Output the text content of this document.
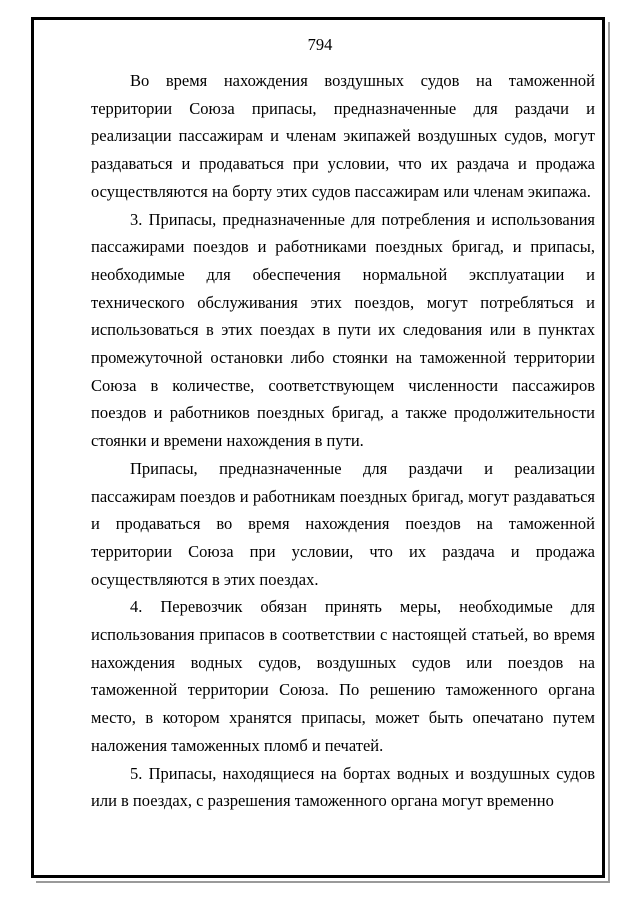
794

Во время нахождения воздушных судов на таможенной территории Союза припасы, предназначенные для раздачи и реализации пассажирам и членам экипажей воздушных судов, могут раздаваться и продаваться при условии, что их раздача и продажа осуществляются на борту этих судов пассажирам или членам экипажа.

3. Припасы, предназначенные для потребления и использования пассажирами поездов и работниками поездных бригад, и припасы, необходимые для обеспечения нормальной эксплуатации и технического обслуживания этих поездов, могут потребляться и использоваться в этих поездах в пути их следования или в пунктах промежуточной остановки либо стоянки на таможенной территории Союза в количестве, соответствующем численности пассажиров поездов и работников поездных бригад, а также продолжительности стоянки и времени нахождения в пути.

Припасы, предназначенные для раздачи и реализации пассажирам поездов и работникам поездных бригад, могут раздаваться и продаваться во время нахождения поездов на таможенной территории Союза при условии, что их раздача и продажа осуществляются в этих поездах.

4. Перевозчик обязан принять меры, необходимые для использования припасов в соответствии с настоящей статьей, во время нахождения водных судов, воздушных судов или поездов на таможенной территории Союза. По решению таможенного органа место, в котором хранятся припасы, может быть опечатано путем наложения таможенных пломб и печатей.

5. Припасы, находящиеся на бортах водных и воздушных судов или в поездах, с разрешения таможенного органа могут временно
